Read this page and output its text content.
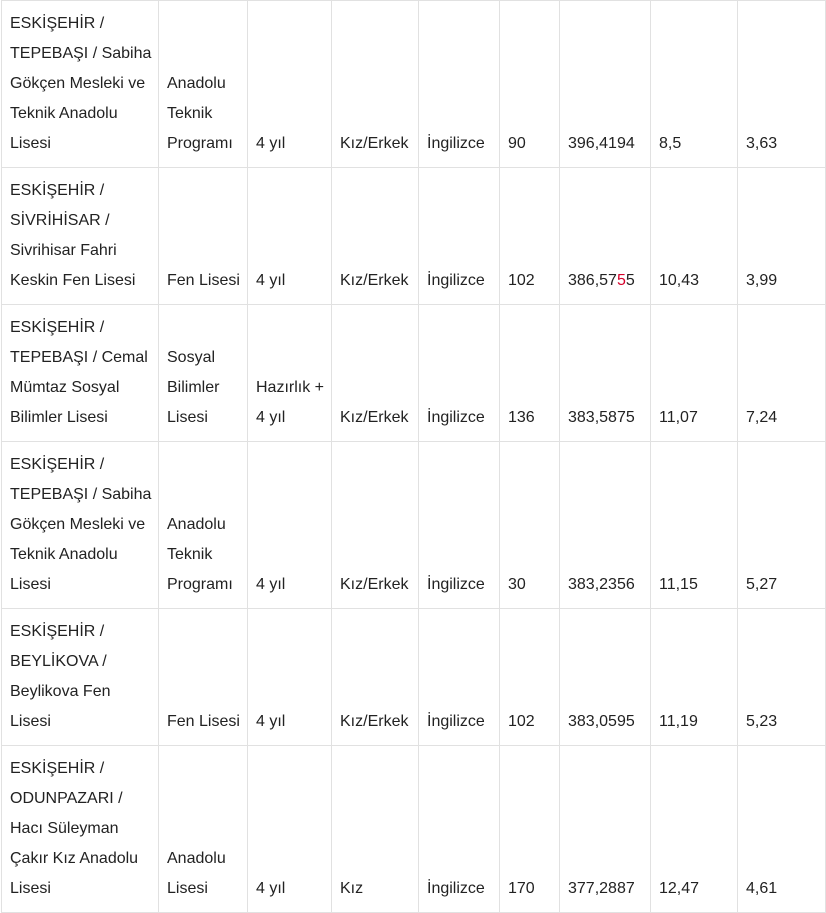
ESKİŞEHİR / TEPEBAŞI / Sabiha Gökçen Mesleki ve Teknik Anadolu Lisesi	Anadolu Teknik Programı	4 yıl	Kız/Erkek	İngilizce	90	396,4194	8,5	3,63
ESKİŞEHİR / SİVRİHİSAR / Sivrihisar Fahri Keskin Fen Lisesi	Fen Lisesi	4 yıl	Kız/Erkek	İngilizce	102	386,5755	10,43	3,99
ESKİŞEHİR / TEPEBAŞI / Cemal Mümtaz Sosyal Bilimler Lisesi	Sosyal Bilimler Lisesi	Hazırlık + 4 yıl	Kız/Erkek	İngilizce	136	383,5875	11,07	7,24
ESKİŞEHİR / TEPEBAŞI / Sabiha Gökçen Mesleki ve Teknik Anadolu Lisesi	Anadolu Teknik Programı	4 yıl	Kız/Erkek	İngilizce	30	383,2356	11,15	5,27
ESKİŞEHİR / BEYLİKOVA / Beylikova Fen Lisesi	Fen Lisesi	4 yıl	Kız/Erkek	İngilizce	102	383,0595	11,19	5,23
ESKİŞEHİR / ODUNPAZARI / Hacı Süleyman Çakır Kız Anadolu Lisesi	Anadolu Lisesi	4 yıl	Kız	İngilizce	170	377,2887	12,47	4,61
